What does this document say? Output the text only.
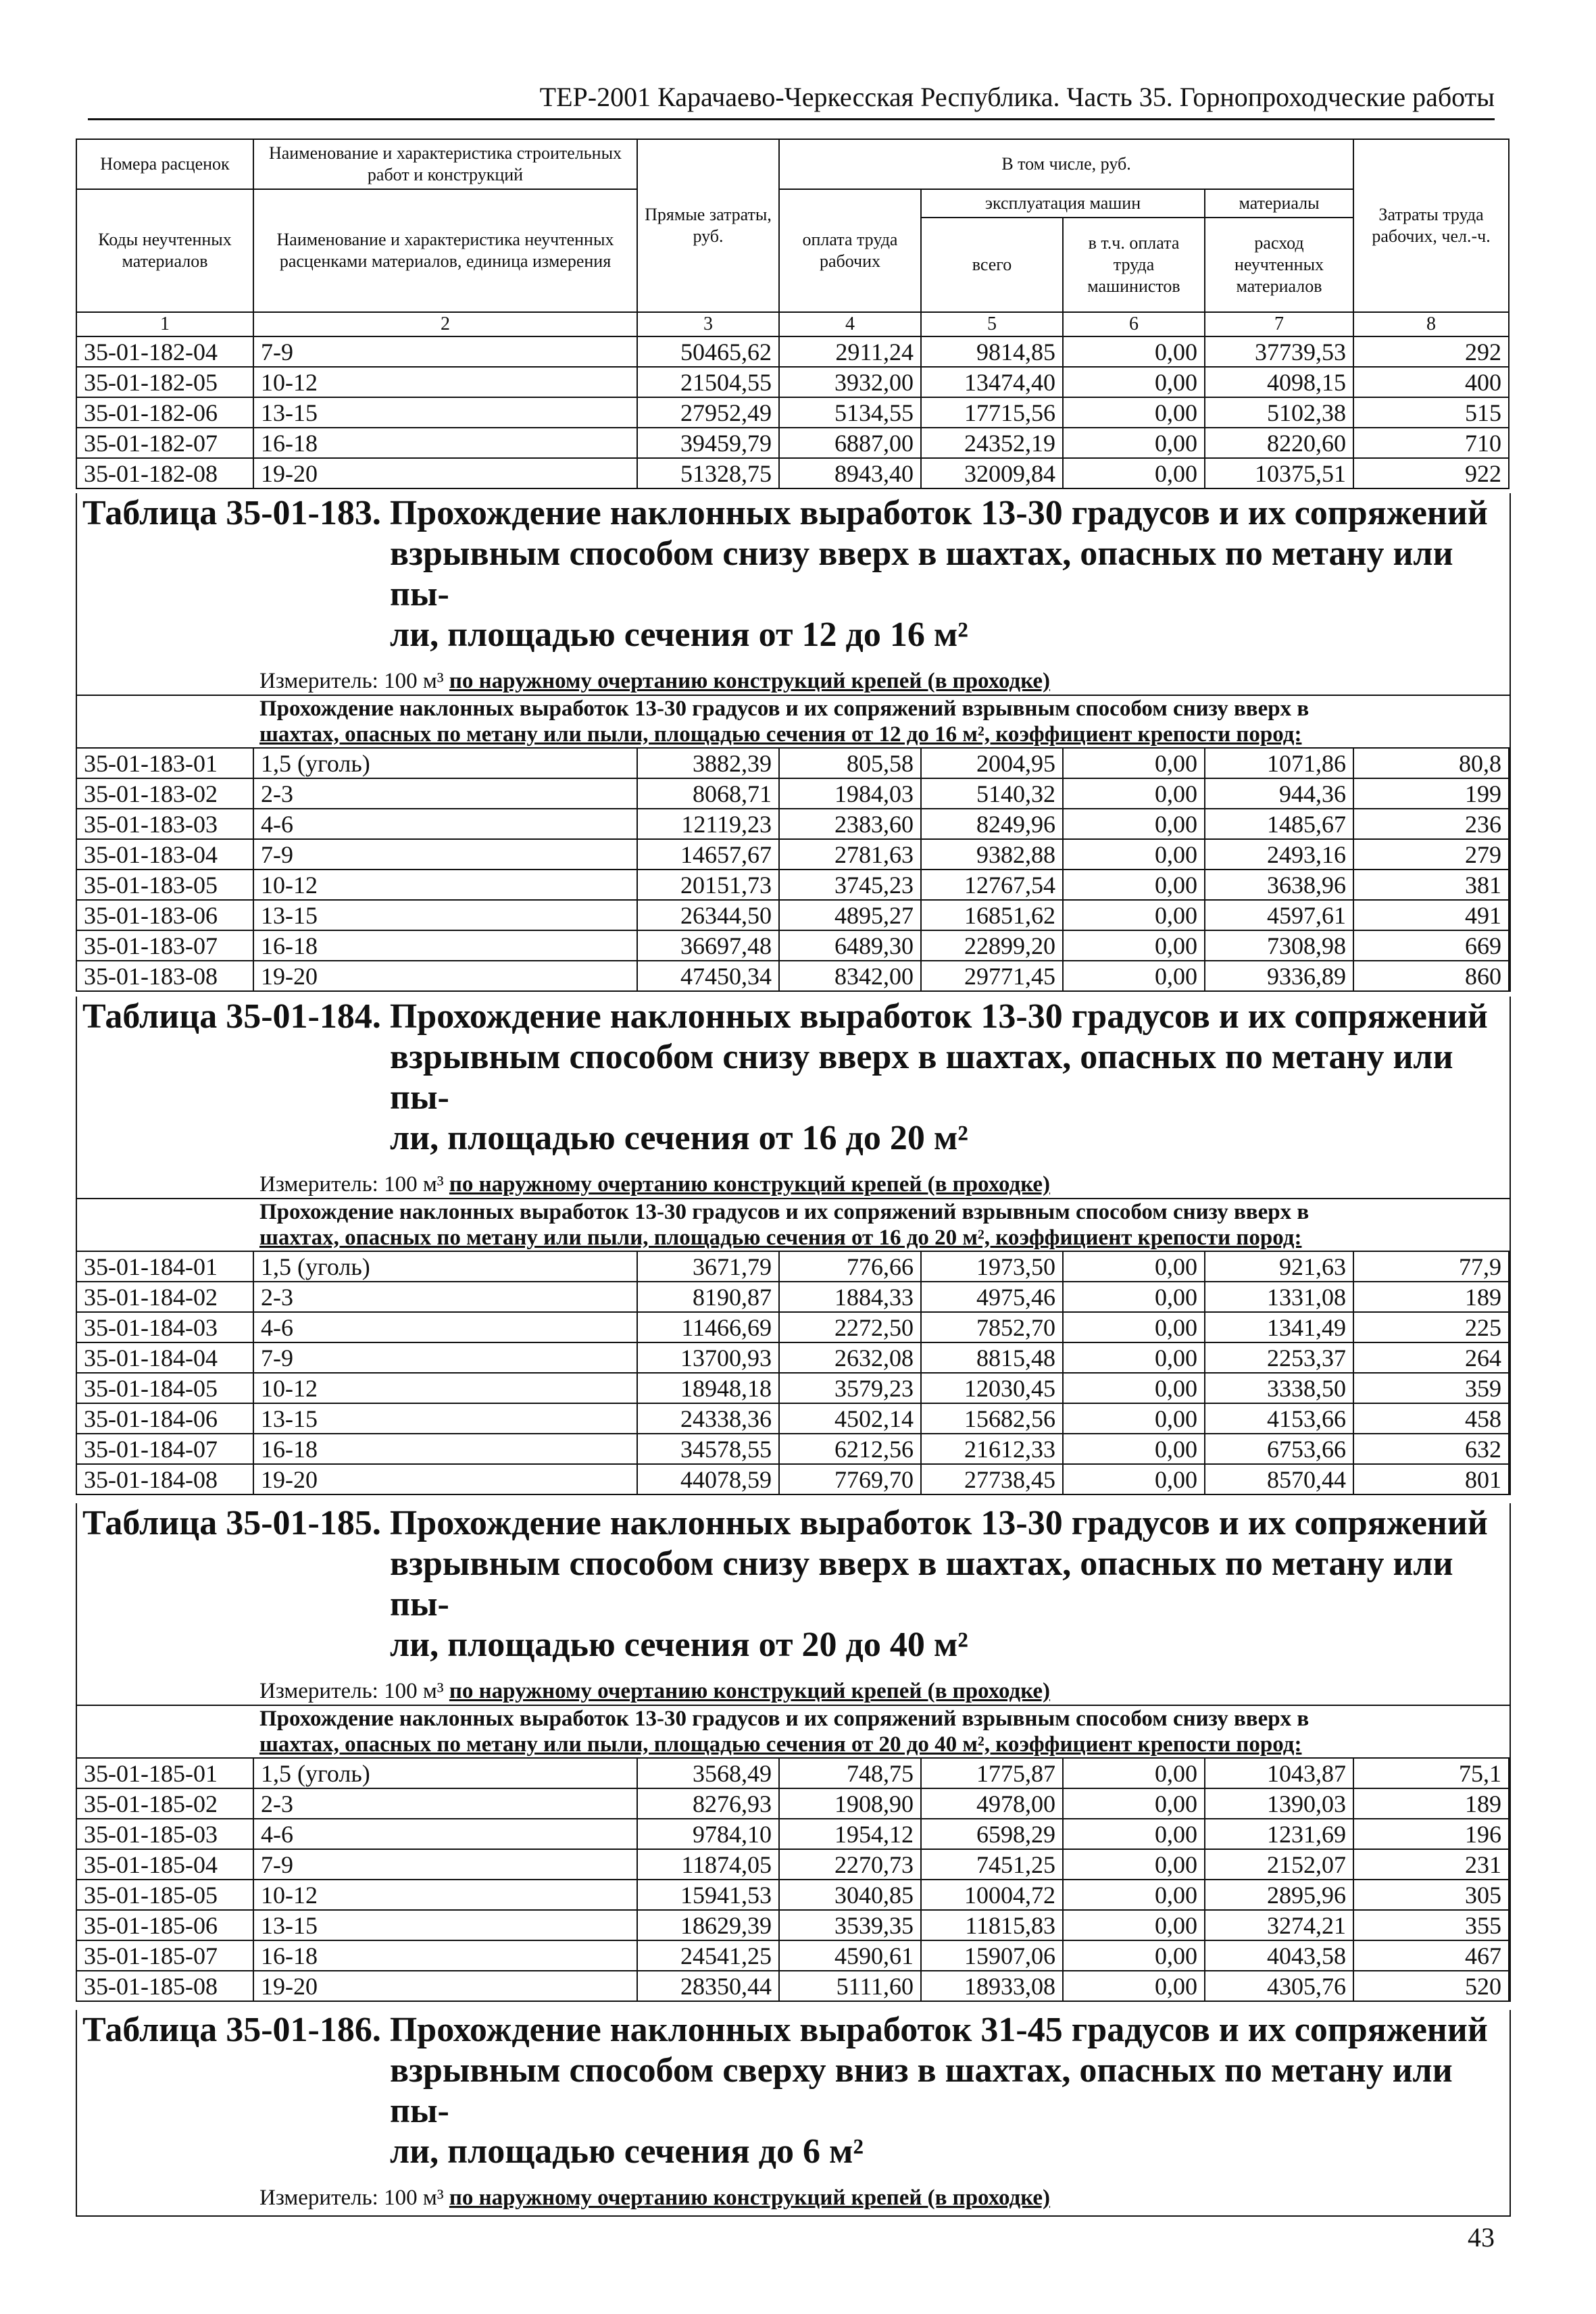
ТЕР-2001 Карачаево-Черкесская Республика. Часть 35. Горнопроходческие работы
Номера расценок	Наименование и характеристика строительных работ и конструкций	Прямые затраты, руб.	В том числе, руб.				Затраты труда рабочих, чел.-ч.
Коды неучтенных материалов	Наименование и характеристика неучтенных расценками материалов, единица измерения		оплата труда рабочих	эксплуатация машин		материалы	
				всего	в т.ч. оплата труда машинистов	расход неучтенных материалов	
1	2	3	4	5	6	7	8
35-01-182-04	7-9	50465,62	2911,24	9814,85	0,00	37739,53	292
35-01-182-05	10-12	21504,55	3932,00	13474,40	0,00	4098,15	400
35-01-182-06	13-15	27952,49	5134,55	17715,56	0,00	5102,38	515
35-01-182-07	16-18	39459,79	6887,00	24352,19	0,00	8220,60	710
35-01-182-08	19-20	51328,75	8943,40	32009,84	0,00	10375,51	922
Таблица 35-01-183. Прохождение наклонных выработок 13-30 градусов и их сопряжений
взрывным способом снизу вверх в шахтах, опасных по метану или пы-
ли, площадью сечения от 12 до 16 м²
Измеритель: 100 м³ по наружному очертанию конструкций крепей (в проходке)
Прохождение наклонных выработок 13-30 градусов и их сопряжений взрывным способом снизу вверх в
шахтах, опасных по метану или пыли, площадью сечения от 12 до 16 м², коэффициент крепости пород:
35-01-183-01	1,5 (уголь)	3882,39	805,58	2004,95	0,00	1071,86	80,8
35-01-183-02	2-3	8068,71	1984,03	5140,32	0,00	944,36	199
35-01-183-03	4-6	12119,23	2383,60	8249,96	0,00	1485,67	236
35-01-183-04	7-9	14657,67	2781,63	9382,88	0,00	2493,16	279
35-01-183-05	10-12	20151,73	3745,23	12767,54	0,00	3638,96	381
35-01-183-06	13-15	26344,50	4895,27	16851,62	0,00	4597,61	491
35-01-183-07	16-18	36697,48	6489,30	22899,20	0,00	7308,98	669
35-01-183-08	19-20	47450,34	8342,00	29771,45	0,00	9336,89	860
Таблица 35-01-184. Прохождение наклонных выработок 13-30 градусов и их сопряжений
взрывным способом снизу вверх в шахтах, опасных по метану или пы-
ли, площадью сечения от 16 до 20 м²
Измеритель: 100 м³ по наружному очертанию конструкций крепей (в проходке)
Прохождение наклонных выработок 13-30 градусов и их сопряжений взрывным способом снизу вверх в
шахтах, опасных по метану или пыли, площадью сечения от 16 до 20 м², коэффициент крепости пород:
35-01-184-01	1,5 (уголь)	3671,79	776,66	1973,50	0,00	921,63	77,9
35-01-184-02	2-3	8190,87	1884,33	4975,46	0,00	1331,08	189
35-01-184-03	4-6	11466,69	2272,50	7852,70	0,00	1341,49	225
35-01-184-04	7-9	13700,93	2632,08	8815,48	0,00	2253,37	264
35-01-184-05	10-12	18948,18	3579,23	12030,45	0,00	3338,50	359
35-01-184-06	13-15	24338,36	4502,14	15682,56	0,00	4153,66	458
35-01-184-07	16-18	34578,55	6212,56	21612,33	0,00	6753,66	632
35-01-184-08	19-20	44078,59	7769,70	27738,45	0,00	8570,44	801
Таблица 35-01-185. Прохождение наклонных выработок 13-30 градусов и их сопряжений
взрывным способом снизу вверх в шахтах, опасных по метану или пы-
ли, площадью сечения от 20 до 40 м²
Измеритель: 100 м³ по наружному очертанию конструкций крепей (в проходке)
Прохождение наклонных выработок 13-30 градусов и их сопряжений взрывным способом снизу вверх в
шахтах, опасных по метану или пыли, площадью сечения от 20 до 40 м², коэффициент крепости пород:
35-01-185-01	1,5 (уголь)	3568,49	748,75	1775,87	0,00	1043,87	75,1
35-01-185-02	2-3	8276,93	1908,90	4978,00	0,00	1390,03	189
35-01-185-03	4-6	9784,10	1954,12	6598,29	0,00	1231,69	196
35-01-185-04	7-9	11874,05	2270,73	7451,25	0,00	2152,07	231
35-01-185-05	10-12	15941,53	3040,85	10004,72	0,00	2895,96	305
35-01-185-06	13-15	18629,39	3539,35	11815,83	0,00	3274,21	355
35-01-185-07	16-18	24541,25	4590,61	15907,06	0,00	4043,58	467
35-01-185-08	19-20	28350,44	5111,60	18933,08	0,00	4305,76	520
Таблица 35-01-186. Прохождение наклонных выработок 31-45 градусов и их сопряжений
взрывным способом сверху вниз в шахтах, опасных по метану или пы-
ли, площадью сечения до 6 м²
Измеритель: 100 м³ по наружному очертанию конструкций крепей (в проходке)
43
